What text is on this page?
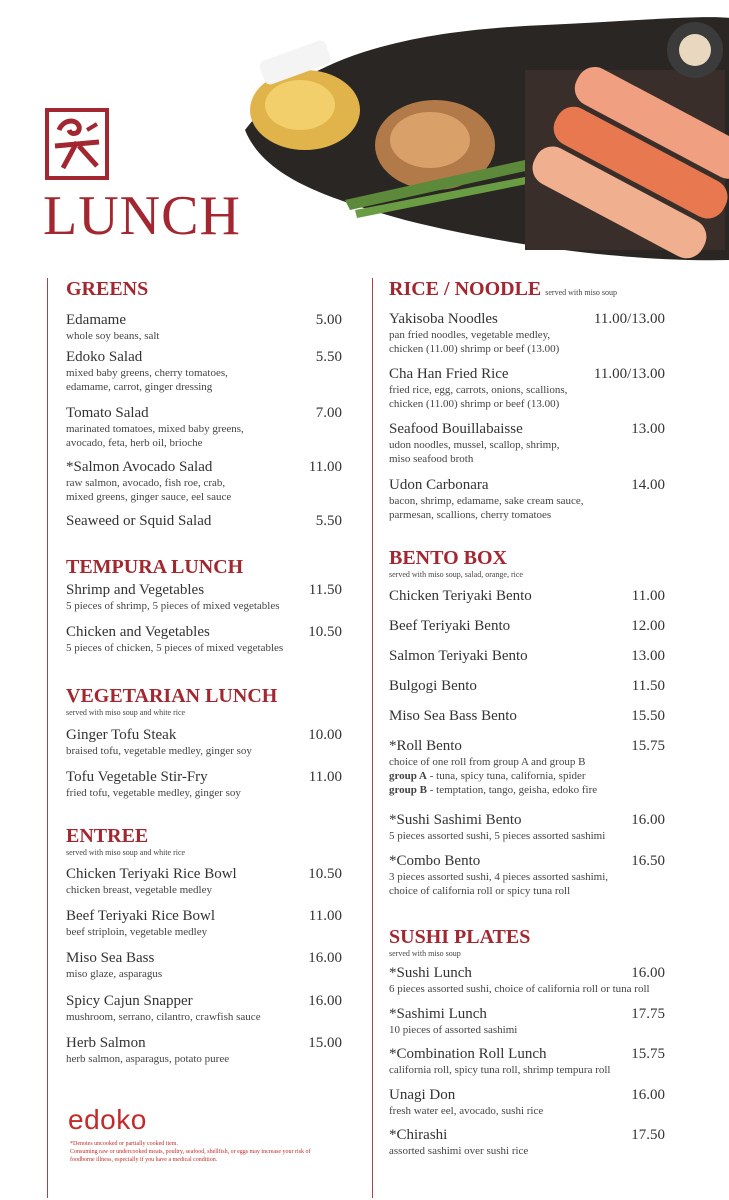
LUNCH
GREENS
Edamame	5.00
whole soy beans, salt
Edoko Salad	5.50
mixed baby greens, cherry tomatoes,
edamame, carrot, ginger dressing
Tomato Salad	7.00
marinated tomatoes, mixed baby greens,
avocado, feta, herb oil, brioche
*Salmon Avocado Salad	11.00
raw salmon, avocado, fish roe, crab,
mixed greens, ginger sauce, eel sauce
Seaweed or Squid Salad	5.50
TEMPURA LUNCH
Shrimp and Vegetables	11.50
5 pieces of shrimp, 5 pieces of mixed vegetables
Chicken and Vegetables	10.50
5 pieces of chicken, 5 pieces of mixed vegetables
VEGETARIAN LUNCH
served with miso soup and white rice
Ginger Tofu Steak	10.00
braised tofu, vegetable medley, ginger soy
Tofu Vegetable Stir-Fry	11.00
fried tofu, vegetable medley, ginger soy
ENTREE
served with miso soup and white rice
Chicken Teriyaki Rice Bowl	10.50
chicken breast, vegetable medley
Beef Teriyaki Rice Bowl	11.00
beef striploin, vegetable medley
Miso Sea Bass	16.00
miso glaze, asparagus
Spicy Cajun Snapper	16.00
mushroom, serrano, cilantro, crawfish sauce
Herb Salmon	15.00
herb salmon, asparagus, potato puree
RICE / NOODLE served with miso soup
Yakisoba Noodles	11.00/13.00
pan fried noodles, vegetable medley,
chicken (11.00) shrimp or beef (13.00)
Cha Han Fried Rice	11.00/13.00
fried rice, egg, carrots, onions, scallions,
chicken (11.00) shrimp or beef (13.00)
Seafood Bouillabaisse	13.00
udon noodles, mussel, scallop, shrimp,
miso seafood broth
Udon Carbonara	14.00
bacon, shrimp, edamame, sake cream sauce,
parmesan, scallions, cherry tomatoes
BENTO BOX
served with miso soup, salad, orange, rice
Chicken Teriyaki Bento	11.00
Beef Teriyaki Bento	12.00
Salmon Teriyaki Bento	13.00
Bulgogi Bento	11.50
Miso Sea Bass Bento	15.50
*Roll Bento	15.75
choice of one roll from group A and group B
group A - tuna, spicy tuna, california, spider
group B - temptation, tango, geisha, edoko fire
*Sushi Sashimi Bento	16.00
5 pieces assorted sushi, 5 pieces assorted sashimi
*Combo Bento	16.50
3 pieces assorted sushi, 4 pieces assorted sashimi,
choice of california roll or spicy tuna roll
SUSHI PLATES
served with miso soup
*Sushi Lunch	16.00
6 pieces assorted sushi, choice of california roll or tuna roll
*Sashimi Lunch	17.75
10 pieces of assorted sashimi
*Combination Roll Lunch	15.75
california roll, spicy tuna roll, shrimp tempura roll
Unagi Don	16.00
fresh water eel, avocado, sushi rice
*Chirashi	17.50
assorted sashimi over sushi rice
edoko
*Denotes uncooked or partially cooked item.
Consuming raw or undercooked meats, poultry, seafood, shellfish, or eggs may increase your risk of foodborne illness, especially if you have a medical condition.
